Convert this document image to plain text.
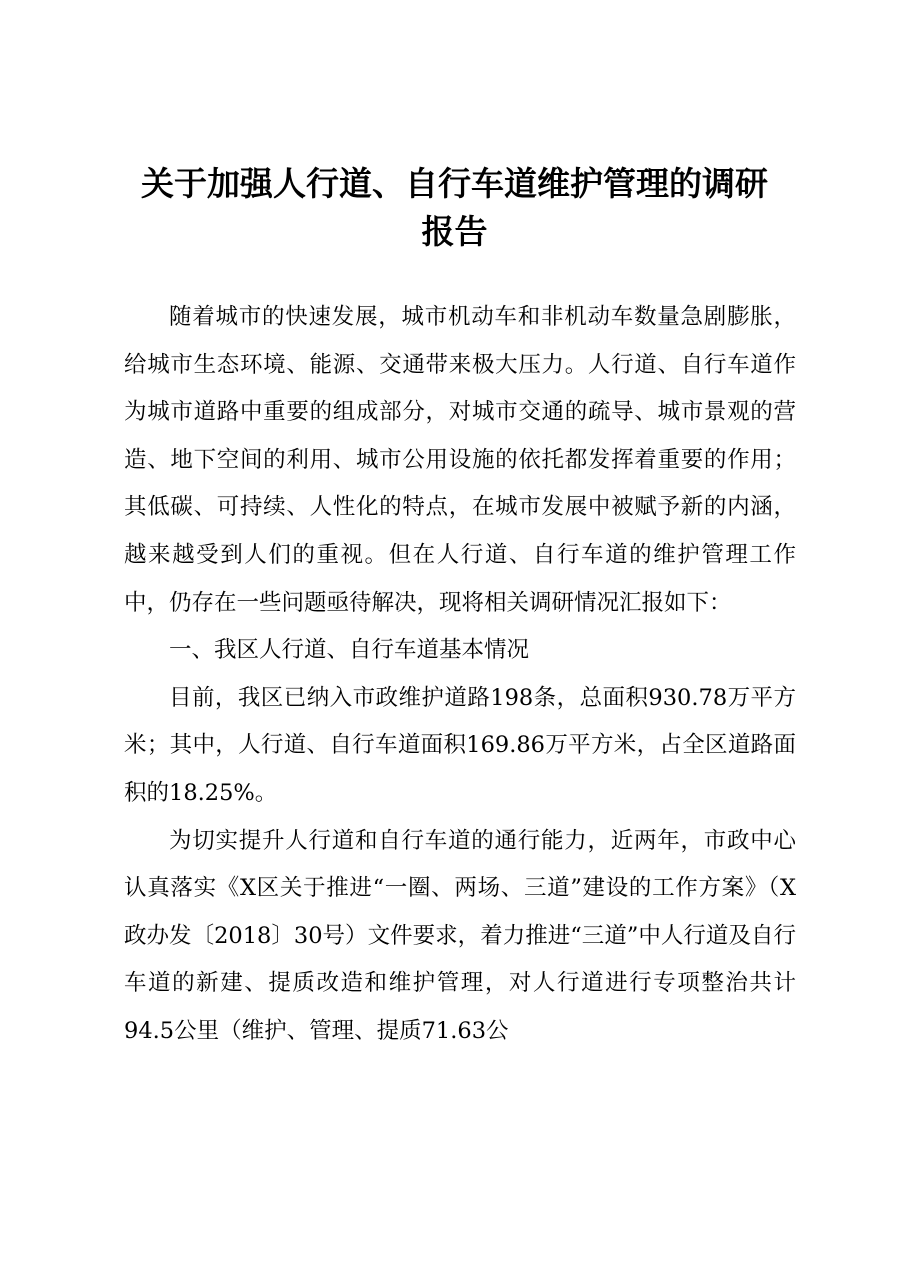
关于加强人行道、自行车道维护管理的调研
报告

随着城市的快速发展，城市机动车和非机动车数量急剧膨胀，给城市生态环境、能源、交通带来极大压力。人行道、自行车道作为城市道路中重要的组成部分，对城市交通的疏导、城市景观的营造、地下空间的利用、城市公用设施的依托都发挥着重要的作用；其低碳、可持续、人性化的特点，在城市发展中被赋予新的内涵，越来越受到人们的重视。但在人行道、自行车道的维护管理工作中，仍存在一些问题亟待解决，现将相关调研情况汇报如下：

一、我区人行道、自行车道基本情况

目前，我区已纳入市政维护道路198条，总面积930.78万平方米；其中，人行道、自行车道面积169.86万平方米，占全区道路面积的18.25%。

为切实提升人行道和自行车道的通行能力，近两年，市政中心认真落实《X区关于推进“一圈、两场、三道”建设的工作方案》（X政办发〔2018〕30号）文件要求，着力推进“三道”中人行道及自行车道的新建、提质改造和维护管理，对人行道进行专项整治共计94.5公里（维护、管理、提质71.63公
